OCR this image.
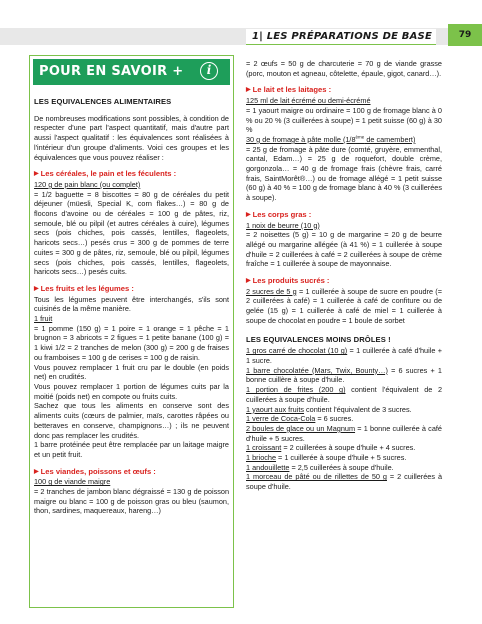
1| LES PRÉPARATIONS DE BASE	79
POUR EN SAVOIR +	i

LES EQUIVALENCES ALIMENTAIRES

De nombreuses modifications sont possibles, à condition de respecter d'une part l'aspect quantitatif, mais d'autre part aussi l'aspect qualitatif : les équivalences sont réalisées à l'intérieur d'un groupe d'aliments. Voici ces groupes et les équivalences que vous pouvez réaliser :

▶ Les céréales, le pain et les féculents :

120 g de pain blanc (ou complet)

= 1/2 baguette = 8 biscottes = 80 g de céréales du petit déjeuner (müesli, Special K, corn flakes…) = 80 g de flocons d'avoine ou de céréales = 100 g de pâtes, riz, semoule, blé ou pilpil (et autres céréales à cuire), légumes secs (pois chiches, pois cassés, lentilles, flageolets, haricots secs…) pesés crus = 300 g de pommes de terre cuites = 300 g de pâtes, riz, semoule, blé ou pilpil, légumes secs (pois chiches, pois cassés, lentilles, flageolets, haricots secs…) pesés cuits.

▶ Les fruits et les légumes :

Tous les légumes peuvent être interchangés, s'ils sont cuisinés de la même manière.

1 fruit

= 1 pomme (150 g) = 1 poire = 1 orange = 1 pêche = 1 brugnon = 3 abricots = 2 figues = 1 petite banane (100 g) = 1 kiwi 1/2 = 2 tranches de melon (300 g) = 200 g de fraises ou framboises = 100 g de cerises = 100 g de raisin.

Vous pouvez remplacer 1 fruit cru par le double (en poids net) en crudités.

Vous pouvez remplacer 1 portion de légumes cuits par la moitié (poids net) en compote ou fruits cuits.

Sachez que tous les aliments en conserve sont des aliments cuits (cœurs de palmier, maïs, carottes râpées ou betteraves en conserve, champignons…) ; ils ne peuvent donc pas remplacer les crudités.

1 barre protéinée peut être remplacée par un laitage maigre et un petit fruit.

▶ Les viandes, poissons et œufs :

100 g de viande maigre

= 2 tranches de jambon blanc dégraissé = 130 g de poisson maigre ou blanc = 100 g de poisson gras ou bleu (saumon, thon, sardines, maquereaux, hareng…)

= 2 œufs = 50 g de charcuterie = 70 g de viande grasse (porc, mouton et agneau, côtelette, épaule, gigot, canard…).

▶ Le lait et les laitages :

125 ml de lait écrémé ou demi-écrémé

= 1 yaourt maigre ou ordinaire = 100 g de fromage blanc à 0 % ou 20 % (3 cuillerées à soupe) = 1 petit suisse (60 g) à 30 %

30 g de fromage à pâte molle (1/8ème de camembert)

= 25 g de fromage à pâte dure (comté, gruyère, emmenthal, cantal, Edam…) = 25 g de roquefort, double crème, gorgonzola… = 40 g de fromage frais (chèvre frais, carré frais, SaintMorêt®…) ou de fromage allégé = 1 petit suisse (60 g) à 40 % = 100 g de fromage blanc à 40 % (3 cuillerées à soupe).

▶ Les corps gras :

1 noix de beurre (10 g)

= 2 noisettes (5 g) = 10 g de margarine = 20 g de beurre allégé ou margarine allégée (à 41 %) = 1 cuillerée à soupe d'huile = 2 cuillerées à café = 2 cuillerées à soupe de crème fraîche = 1 cuillerée à soupe de mayonnaise.

▶ Les produits sucrés :

2 sucres de 5 g = 1 cuillerée à soupe de sucre en poudre (= 2 cuillerées à café) = 1 cuillerée à café de confiture ou de gelée (15 g) = 1 cuillerée à café de miel = 1 cuillerée à soupe de chocolat en poudre = 1 boule de sorbet

LES EQUIVALENCES MOINS DRÔLES !

1 gros carré de chocolat (10 g) = 1 cuillerée à café d'huile + 1 sucre.

1 barre chocolatée (Mars, Twix, Bounty…) = 6 sucres + 1 bonne cuillère à soupe d'huile.

1 portion de frites (200 g) contient l'équivalent de 2 cuillerées à soupe d'huile.

1 yaourt aux fruits contient l'équivalent de 3 sucres.

1 verre de Coca-Cola = 6 sucres.

2 boules de glace ou un Magnum = 1 bonne cuillerée à café d'huile + 5 sucres.

1 croissant = 2 cuillerées à soupe d'huile + 4 sucres.

1 brioche = 1 cuillerée à soupe d'huile + 5 sucres.

1 andouillette = 2,5 cuillerées à soupe d'huile.

1 morceau de pâté ou de rillettes de 50 g = 2 cuillerées à soupe d'huile.
